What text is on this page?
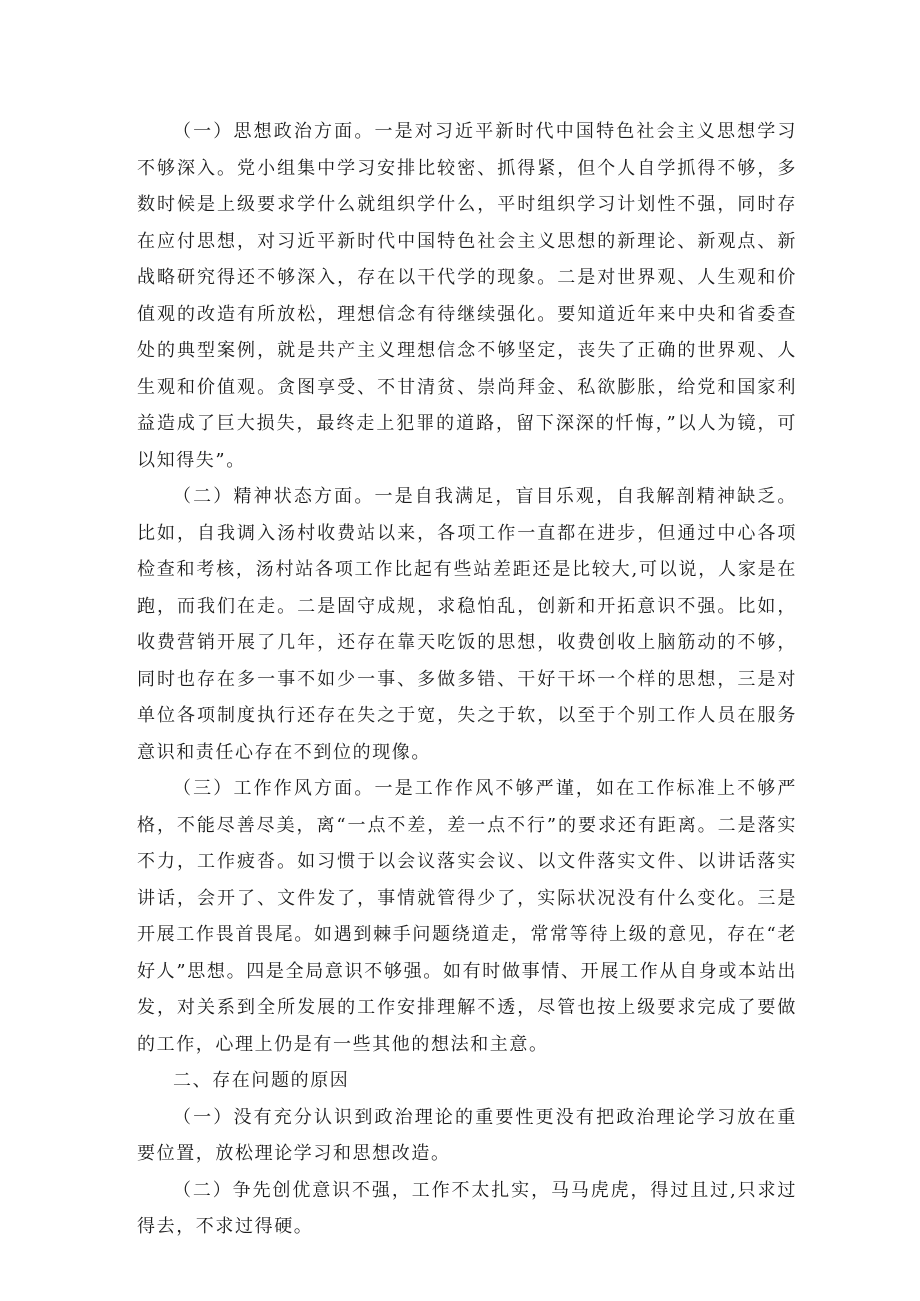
（一）思想政治方面。一是对习近平新时代中国特色社会主义思想学习不够深入。党小组集中学习安排比较密、抓得紧，但个人自学抓得不够，多数时候是上级要求学什么就组织学什么，平时组织学习计划性不强，同时存在应付思想，对习近平新时代中国特色社会主义思想的新理论、新观点、新战略研究得还不够深入，存在以干代学的现象。二是对世界观、人生观和价值观的改造有所放松，理想信念有待继续强化。要知道近年来中央和省委查处的典型案例，就是共产主义理想信念不够坚定，丧失了正确的世界观、人生观和价值观。贪图享受、不甘清贫、崇尚拜金、私欲膨胀，给党和国家利益造成了巨大损失，最终走上犯罪的道路，留下深深的忏悔，”以人为镜，可以知得失”。

（二）精神状态方面。一是自我满足，盲目乐观，自我解剖精神缺乏。比如，自我调入汤村收费站以来，各项工作一直都在进步，但通过中心各项检查和考核，汤村站各项工作比起有些站差距还是比较大,可以说，人家是在跑，而我们在走。二是固守成规，求稳怕乱，创新和开拓意识不强。比如，收费营销开展了几年，还存在靠天吃饭的思想，收费创收上脑筋动的不够，同时也存在多一事不如少一事、多做多错、干好干坏一个样的思想，三是对单位各项制度执行还存在失之于宽，失之于软，以至于个别工作人员在服务意识和责任心存在不到位的现像。

（三）工作作风方面。一是工作作风不够严谨，如在工作标准上不够严格，不能尽善尽美，离“一点不差，差一点不行”的要求还有距离。二是落实不力，工作疲沓。如习惯于以会议落实会议、以文件落实文件、以讲话落实讲话，会开了、文件发了，事情就管得少了，实际状况没有什么变化。三是开展工作畏首畏尾。如遇到棘手问题绕道走，常常等待上级的意见，存在“老好人”思想。四是全局意识不够强。如有时做事情、开展工作从自身或本站出发，对关系到全所发展的工作安排理解不透，尽管也按上级要求完成了要做的工作，心理上仍是有一些其他的想法和主意。

二、存在问题的原因

（一）没有充分认识到政治理论的重要性更没有把政治理论学习放在重要位置，放松理论学习和思想改造。

（二）争先创优意识不强，工作不太扎实，马马虎虎，得过且过,只求过得去，不求过得硬。
